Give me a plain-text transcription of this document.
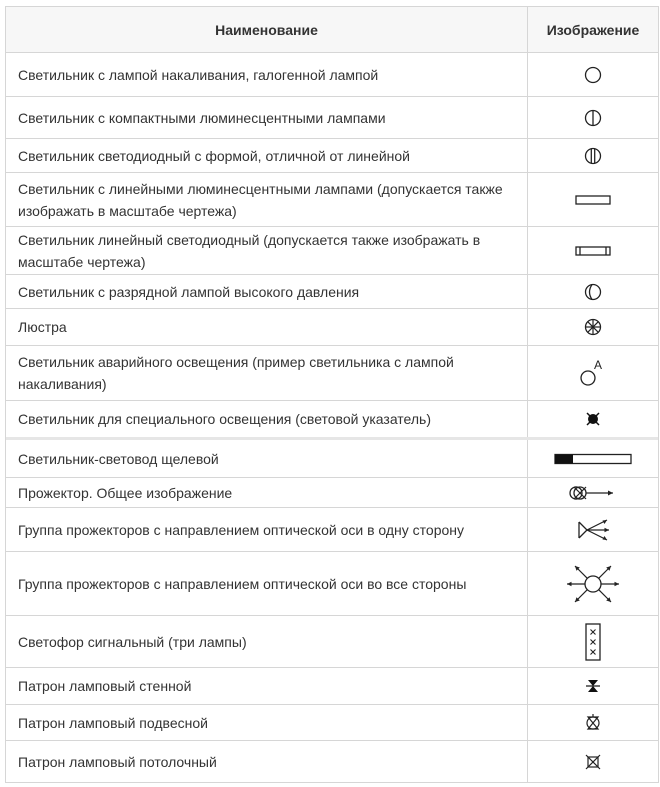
Наименование	Изображение
Светильник с лампой накаливания, галогенной лампой
Светильник с компактными люминесцентными лампами
Светильник светодиодный с формой, отличной от линейной
Светильник с линейными люминесцентными лампами (допускается также изображать в масштабе чертежа)
Светильник линейный светодиодный (допускается также изображать в масштабе чертежа)
Светильник с разрядной лампой высокого давления
Люстра
Светильник аварийного освещения (пример светильника с лампой накаливания)
A
Светильник для специального освещения (световой указатель)
Светильник-световод щелевой
Прожектор. Общее изображение
Группа прожекторов с направлением оптической оси в одну сторону
Группа прожекторов с направлением оптической оси во все стороны
Светофор сигнальный (три лампы)
Патрон ламповый стенной
Патрон ламповый подвесной
Патрон ламповый потолочный
